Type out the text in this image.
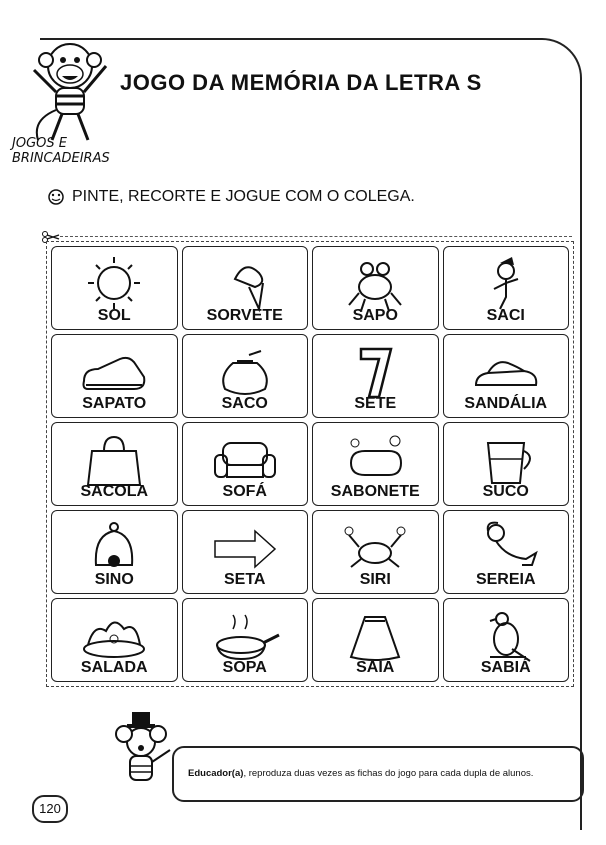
JOGOS E
BRINCADEIRAS
JOGO DA MEMÓRIA DA LETRA S
PINTE, RECORTE E JOGUE COM O COLEGA.
SOL	SORVETE	SAPO	SACI
SAPATO	SACO	SETE	SANDÁLIA
SACOLA	SOFÁ	SABONETE	SUCO
SINO	SETA	SIRI	SEREIA
SALADA	SOPA	SAIA	SABIÁ
Educador(a), reproduza duas vezes as fichas do jogo para cada dupla de alunos.
120
